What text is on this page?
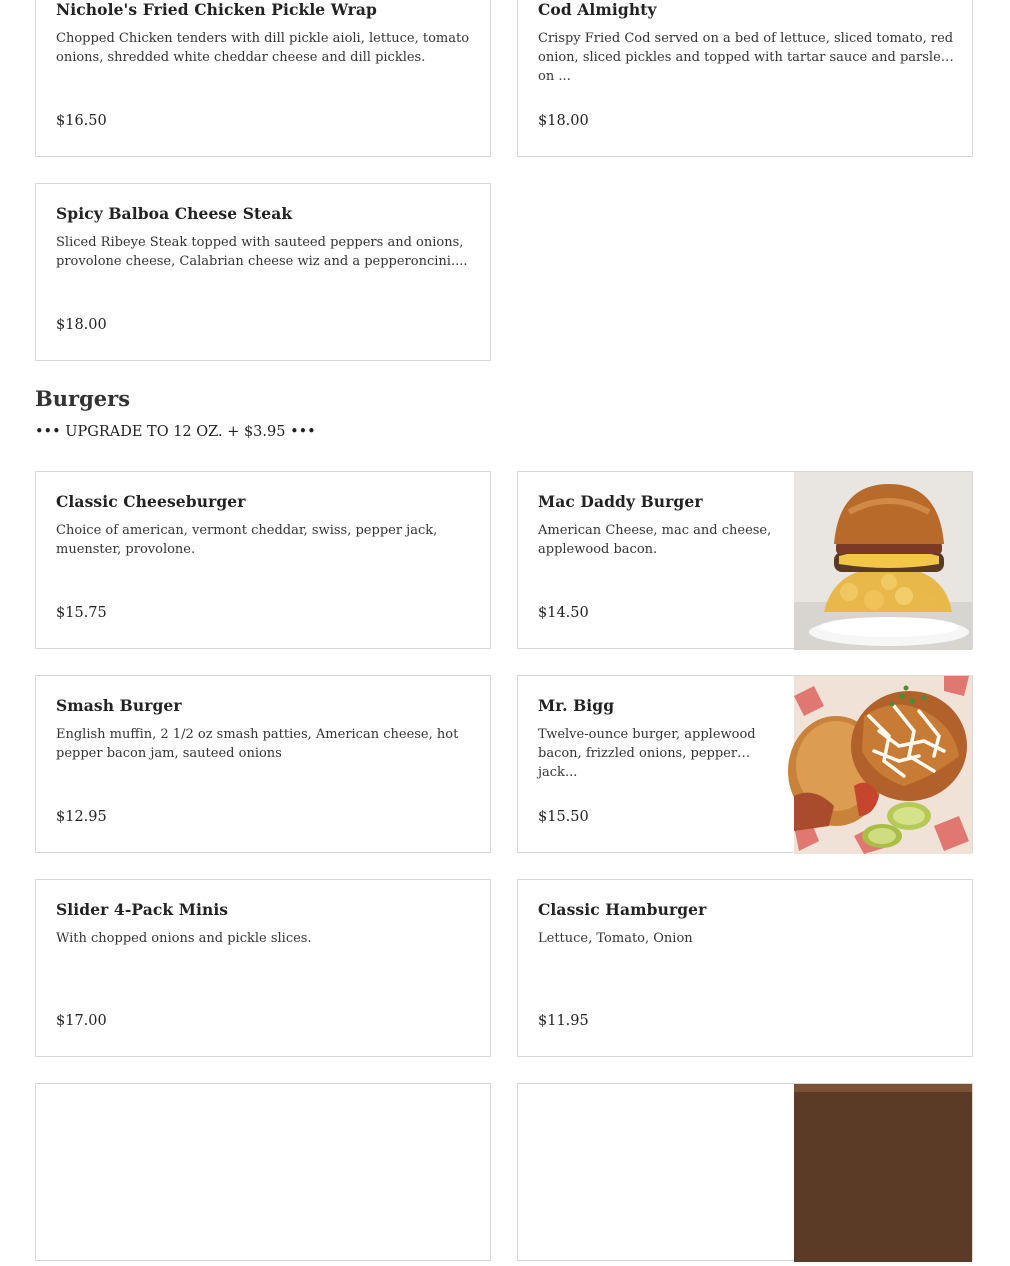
Nichole's Fried Chicken Pickle Wrap
Chopped Chicken tenders with dill pickle aioli, lettuce, tomato onions, shredded white cheddar cheese and dill pickles.
$16.50
Cod Almighty
Crispy Fried Cod served on a bed of lettuce, sliced tomato, red onion, sliced pickles and topped with tartar sauce and parsley on ...
$18.00
Spicy Balboa Cheese Steak
Sliced Ribeye Steak topped with sauteed peppers and onions, provolone cheese, Calabrian cheese wiz and a pepperoncini....
$18.00
Burgers
••• UPGRADE TO 12 OZ. + $3.95 •••
Classic Cheeseburger
Choice of american, vermont cheddar, swiss, pepper jack, muenster, provolone.
$15.75
Mac Daddy Burger
American Cheese, mac and cheese, applewood bacon.
$14.50
Smash Burger
English muffin, 2 1/2 oz smash patties, American cheese, hot pepper bacon jam, sauteed onions
$12.95
Mr. Bigg
Twelve-ounce burger, applewood bacon, frizzled onions, pepper jack...
$15.50
Slider 4-Pack Minis
With chopped onions and pickle slices.
$17.00
Classic Hamburger
Lettuce, Tomato, Onion
$11.95
